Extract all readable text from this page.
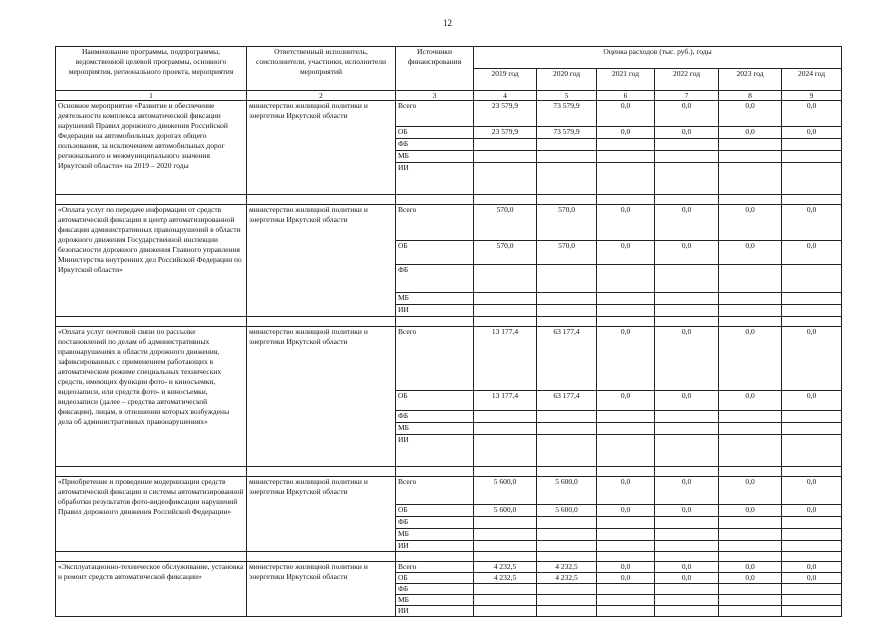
12
Наименование программы, подпрограммы, ведомственной целевой программы, основного мероприятия, регионального проекта, мероприятия	Ответственный исполнитель, соисполнители, участники, исполнители мероприятий	Источники финансирования	Оценка расходов (тыс. руб.), годы					
			2019 год	2020 год	2021 год	2022 год	2023 год	2024 год
1	2	3	4	5	6	7	8	9
Основное мероприятие «Развитие и обеспечение деятельности комплекса автоматической фиксации нарушений Правил дорожного движения Российской Федерации на автомобильных дорогах общего пользования, за исключением автомобильных дорог регионального и межмуниципального значения Иркутской области» на 2019 – 2020 годы	министерство жилищной политики и энергетики Иркутской области	Всего	23 579,9	73 579,9	0,0	0,0	0,0	0,0
		ОБ	23 579,9	73 579,9	0,0	0,0	0,0	0,0
		ФБ						
		МБ						
		ИИ						

«Оплата услуг по передаче информации от средств автоматической фиксации в центр автоматизированной фиксации административных правонарушений в области дорожного движения Государственной инспекции безопасности дорожного движения Главного управления Министерства внутренних дел Российской Федерации по Иркутской области»	министерство жилищной политики и энергетики Иркутской области	Всего	570,0	570,0	0,0	0,0	0,0	0,0
		ОБ	570,0	570,0	0,0	0,0	0,0	0,0
		ФБ						
		МБ						
		ИИ						

«Оплата услуг почтовой связи по рассылке постановлений по делам об административных правонарушениях в области дорожного движения, зафиксированных с применением работающих в автоматическом режиме специальных технических средств, имеющих функции фото- и киносъемки, видеозаписи, или средств фото- и киносъемки, видеозаписи (далее – средства автоматической фиксации), лицам, в отношении которых возбуждены дела об административных правонарушениях»	министерство жилищной политики и энергетики Иркутской области	Всего	13 177,4	63 177,4	0,0	0,0	0,0	0,0
		ОБ	13 177,4	63 177,4	0,0	0,0	0,0	0,0
		ФБ						
		МБ						
		ИИ						

«Приобретение и проведение модернизации средств автоматической фиксации и системы автоматизированной обработки результатов фото-видеофиксации нарушений Правил дорожного движения Российской Федерации»	министерство жилищной политики и энергетики Иркутской области	Всего	5 600,0	5 600,0	0,0	0,0	0,0	0,0
		ОБ	5 600,0	5 600,0	0,0	0,0	0,0	0,0
		ФБ						
		МБ						
		ИИ						

«Эксплуатационно-техническое обслуживание, установка и ремонт средств автоматической фиксации»	министерство жилищной политики и энергетики Иркутской области	Всего	4 232,5	4 232,5	0,0	0,0	0,0	0,0
		ОБ	4 232,5	4 232,5	0,0	0,0	0,0	0,0
		ФБ						
		МБ						
		ИИ						
